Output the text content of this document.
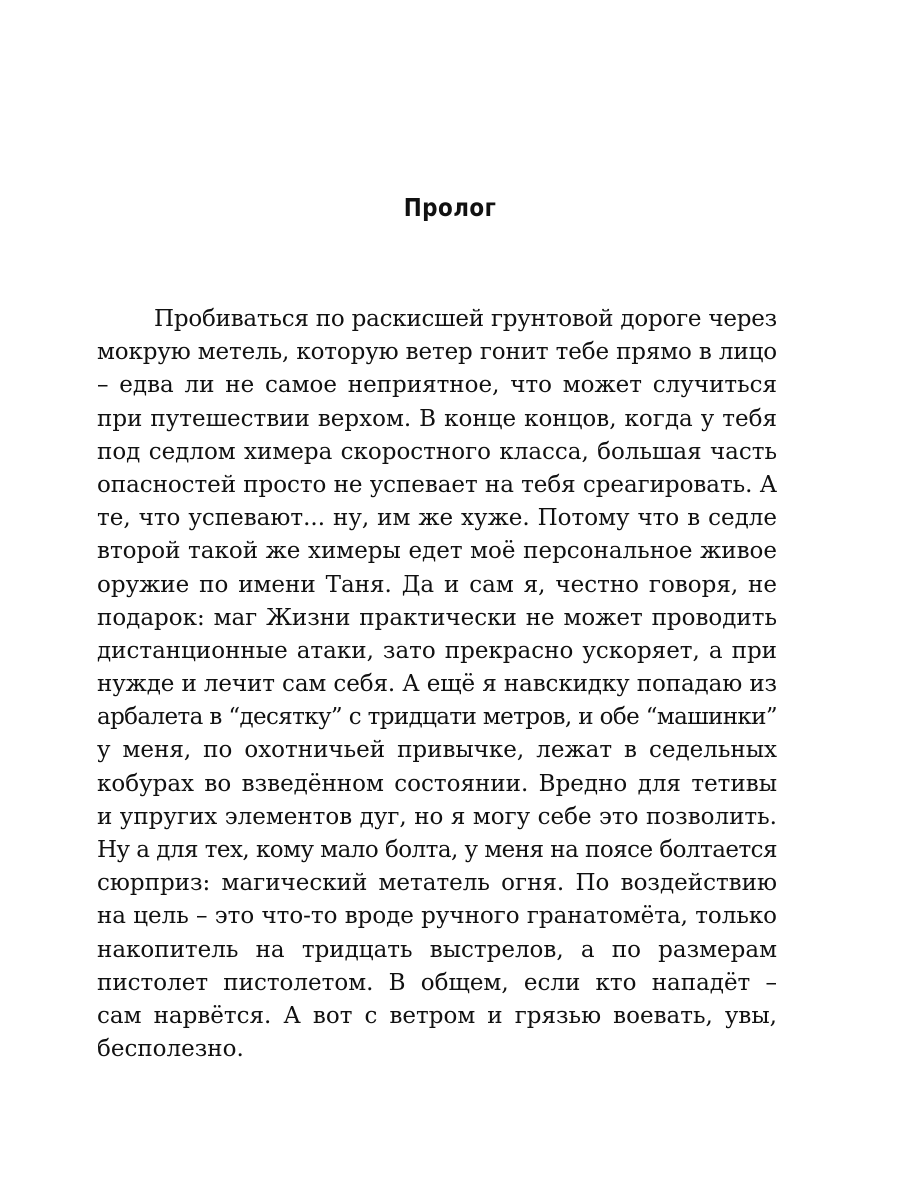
Пролог
Пробиваться по раскисшей грунтовой дороге через
мокрую метель, которую ветер гонит тебе прямо в лицо
– едва ли не самое неприятное, что может случиться
при путешествии верхом. В конце концов, когда у тебя
под седлом химера скоростного класса, большая часть
опасностей просто не успевает на тебя среагировать. А
те, что успевают... ну, им же хуже. Потому что в седле
второй такой же химеры едет моё персональное живое
оружие по имени Таня. Да и сам я, честно говоря, не
подарок: маг Жизни практически не может проводить
дистанционные атаки, зато прекрасно ускоряет, а при
нужде и лечит сам себя. А ещё я навскидку попадаю из
арбалета в “десятку” с тридцати метров, и обе “машинки”
у меня, по охотничьей привычке, лежат в седельных
кобурах во взведённом состоянии. Вредно для тетивы
и упругих элементов дуг, но я могу себе это позволить.
Ну а для тех, кому мало болта, у меня на поясе болтается
сюрприз: магический метатель огня. По воздействию
на цель – это что-то вроде ручного гранатомёта, только
накопитель на тридцать выстрелов, а по размерам
пистолет пистолетом. В общем, если кто нападёт –
сам нарвётся. А вот с ветром и грязью воевать, увы,
бесполезно.
